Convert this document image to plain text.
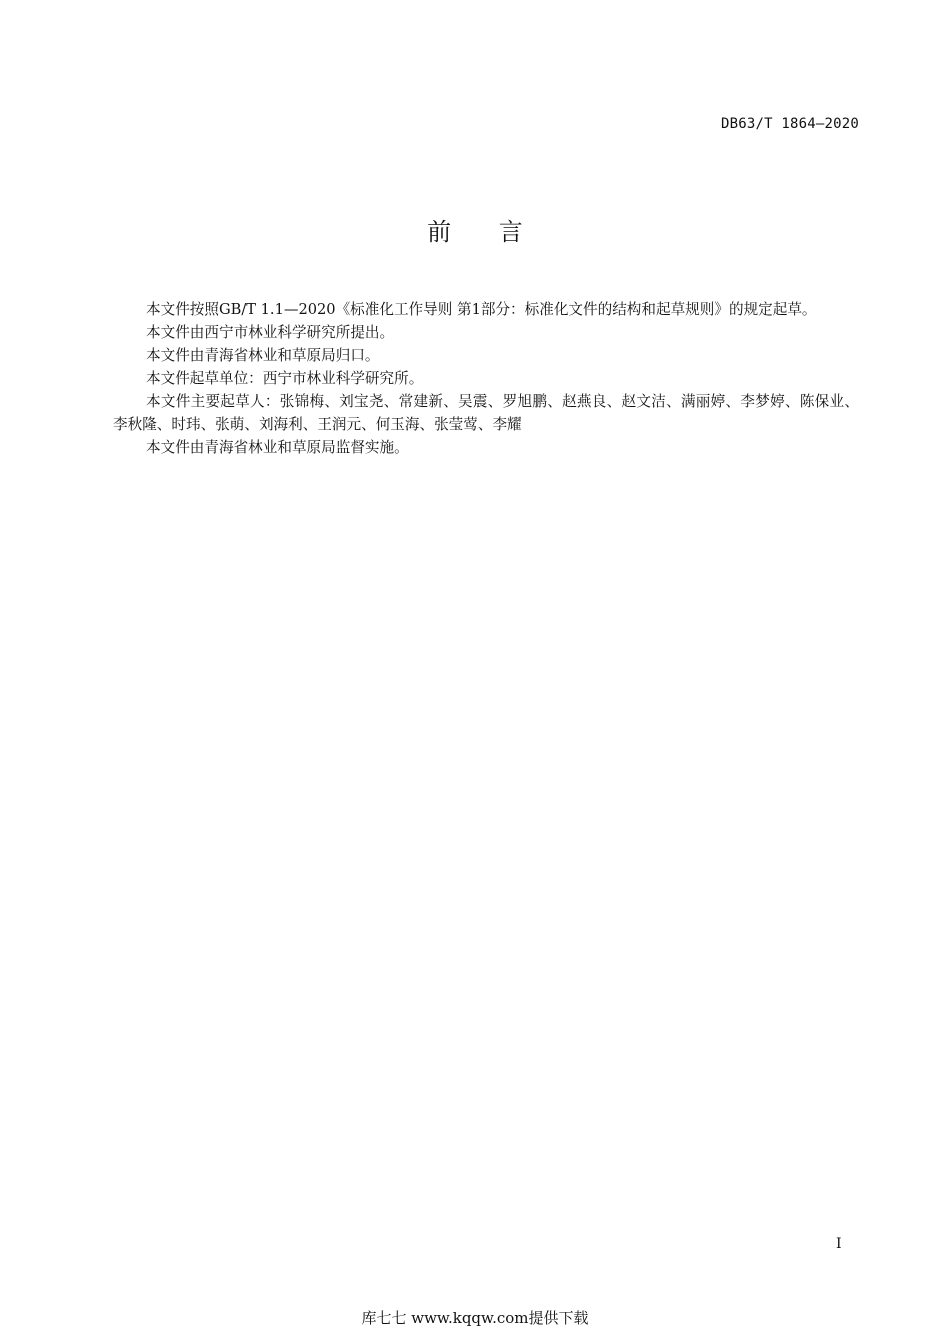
DB63/T 1864—2020
前 言

本文件按照GB/T 1.1—2020《标准化工作导则 第1部分：标准化文件的结构和起草规则》的规定起草。

本文件由西宁市林业科学研究所提出。

本文件由青海省林业和草原局归口。

本文件起草单位：西宁市林业科学研究所。

本文件主要起草人：张锦梅、刘宝尧、常建新、吴震、罗旭鹏、赵燕良、赵文洁、满丽婷、李梦婷、陈保业、李秋隆、时玮、张萌、刘海利、王润元、何玉海、张莹莺、李耀

本文件由青海省林业和草原局监督实施。

I
库七七 www.kqqw.com提供下载
